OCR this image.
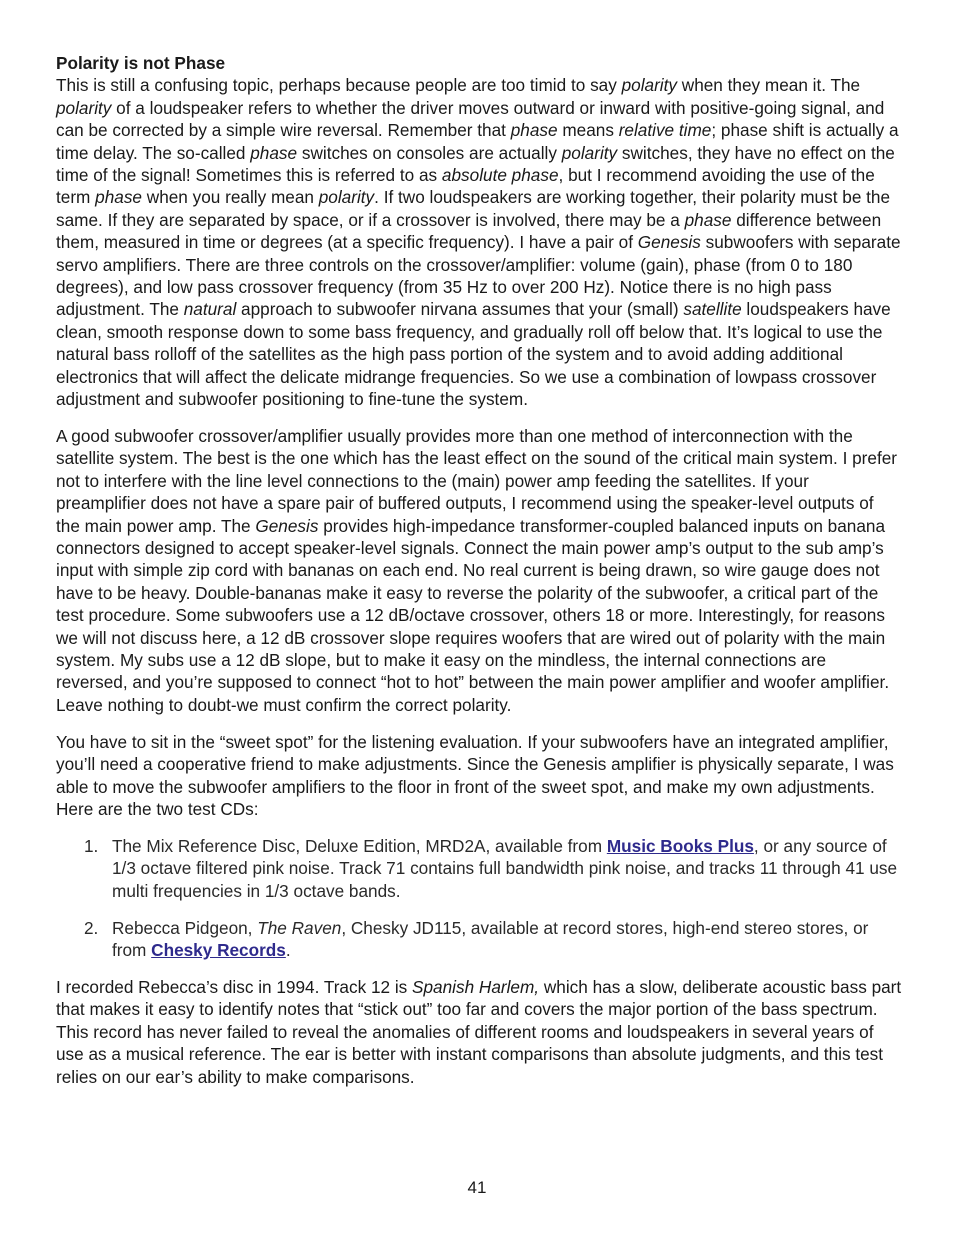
Polarity is not Phase

This is still a confusing topic, perhaps because people are too timid to say polarity when they mean it. The polarity of a loudspeaker refers to whether the driver moves outward or inward with positive-going signal, and can be corrected by a simple wire reversal. Remember that phase means relative time; phase shift is actually a time delay. The so-called phase switches on consoles are actually polarity switches, they have no effect on the time of the signal! Sometimes this is referred to as absolute phase, but I recommend avoiding the use of the term phase when you really mean polarity. If two loudspeakers are working together, their polarity must be the same. If they are separated by space, or if a crossover is involved, there may be a phase difference between them, measured in time or degrees (at a specific frequency). I have a pair of Genesis subwoofers with separate servo amplifiers. There are three controls on the crossover/amplifier: volume (gain), phase (from 0 to 180 degrees), and low pass crossover frequency (from 35 Hz to over 200 Hz). Notice there is no high pass adjustment. The natural approach to subwoofer nirvana assumes that your (small) satellite loudspeakers have clean, smooth response down to some bass frequency, and gradually roll off below that. It’s logical to use the natural bass rolloff of the satellites as the high pass portion of the system and to avoid adding additional electronics that will affect the delicate midrange frequencies. So we use a combination of lowpass crossover adjustment and subwoofer positioning to fine-tune the system.

A good subwoofer crossover/amplifier usually provides more than one method of interconnection with the satellite system. The best is the one which has the least effect on the sound of the critical main system. I prefer not to interfere with the line level connections to the (main) power amp feeding the satellites. If your preamplifier does not have a spare pair of buffered outputs, I recommend using the speaker-level outputs of the main power amp. The Genesis provides high-impedance transformer-coupled balanced inputs on banana connectors designed to accept speaker-level signals. Connect the main power amp’s output to the sub amp’s input with simple zip cord with bananas on each end. No real current is being drawn, so wire gauge does not have to be heavy. Double-bananas make it easy to reverse the polarity of the subwoofer, a critical part of the test procedure. Some subwoofers use a 12 dB/octave crossover, others 18 or more. Interestingly, for reasons we will not discuss here, a 12 dB crossover slope requires woofers that are wired out of polarity with the main system. My subs use a 12 dB slope, but to make it easy on the mindless, the internal connections are reversed, and you’re supposed to connect “hot to hot” between the main power amplifier and woofer amplifier. Leave nothing to doubt-we must confirm the correct polarity.

You have to sit in the “sweet spot” for the listening evaluation. If your subwoofers have an integrated amplifier, you’ll need a cooperative friend to make adjustments. Since the Genesis amplifier is physically separate, I was able to move the subwoofer amplifiers to the floor in front of the sweet spot, and make my own adjustments. Here are the two test CDs:

1. The Mix Reference Disc, Deluxe Edition, MRD2A, available from Music Books Plus, or any source of 1/3 octave filtered pink noise. Track 71 contains full bandwidth pink noise, and tracks 11 through 41 use multi frequencies in 1/3 octave bands.
2. Rebecca Pidgeon, The Raven, Chesky JD115, available at record stores, high-end stereo stores, or from Chesky Records.

I recorded Rebecca’s disc in 1994. Track 12 is Spanish Harlem, which has a slow, deliberate acoustic bass part that makes it easy to identify notes that “stick out” too far and covers the major portion of the bass spectrum. This record has never failed to reveal the anomalies of different rooms and loudspeakers in several years of use as a musical reference. The ear is better with instant comparisons than absolute judgments, and this test relies on our ear’s ability to make comparisons.

41
